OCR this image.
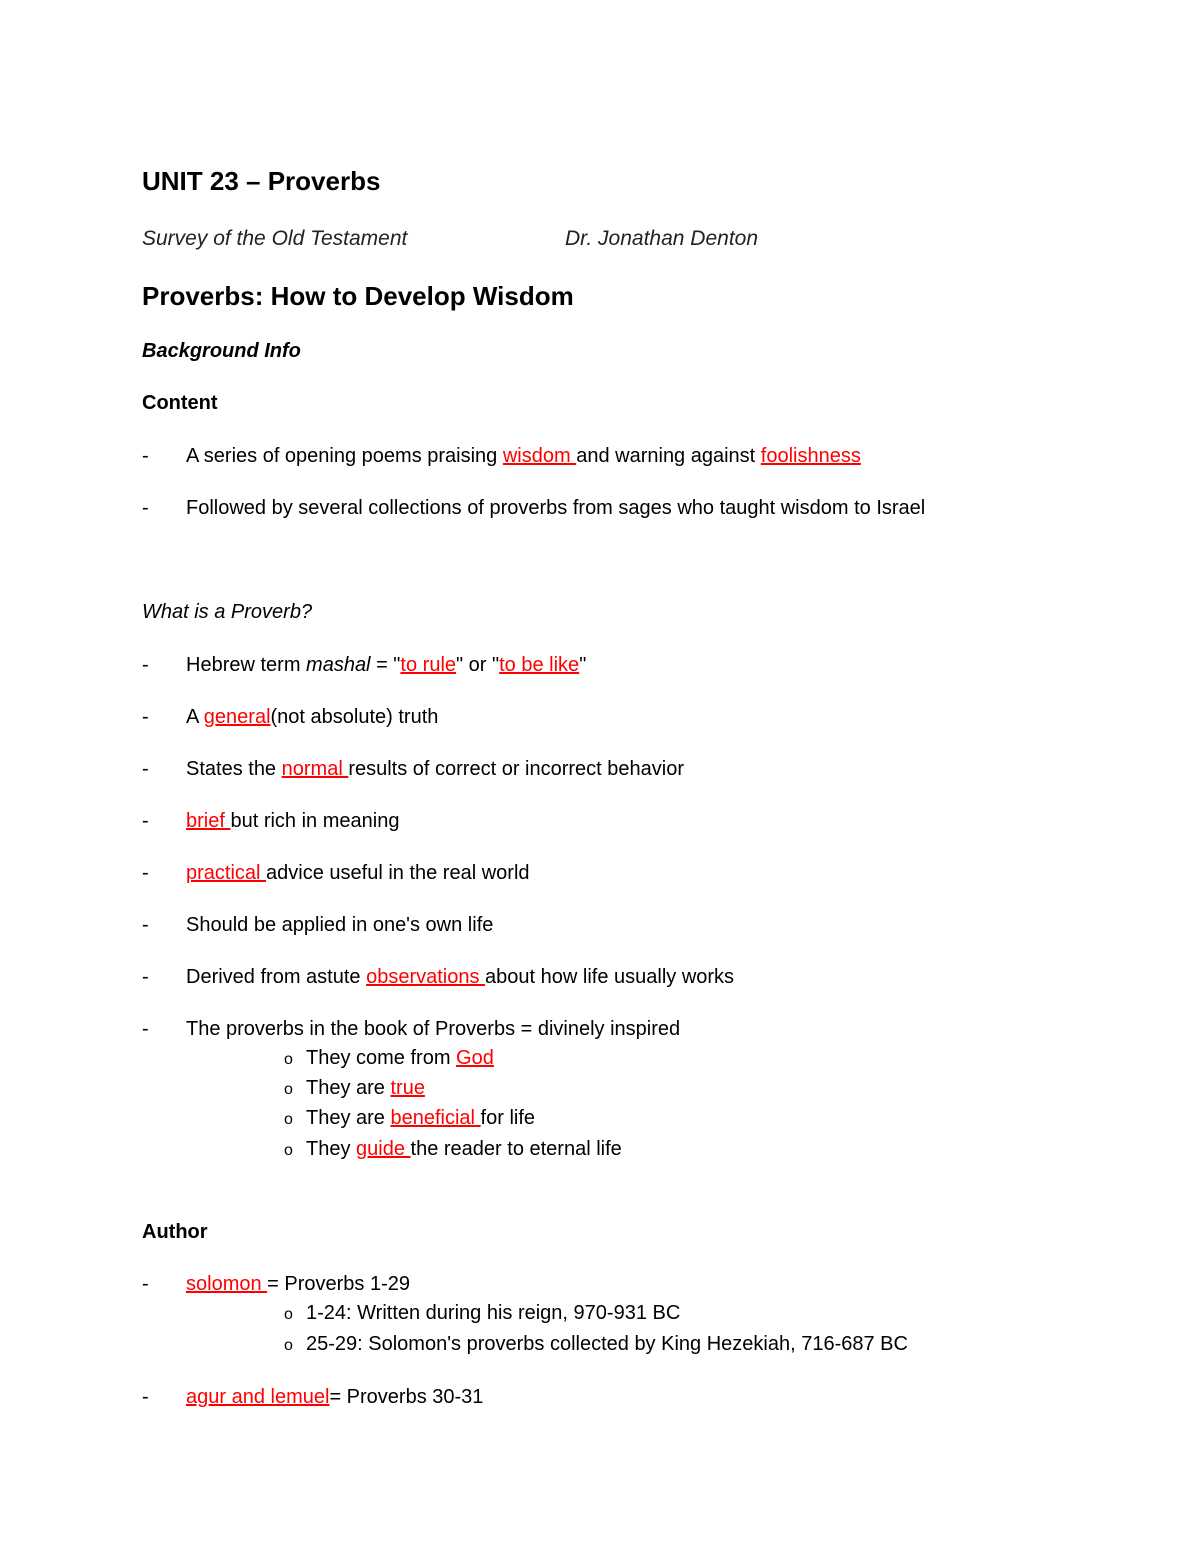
UNIT 23 – Proverbs
Survey of the Old Testament	Dr. Jonathan Denton
Proverbs: How to Develop Wisdom
Background Info
Content
- A series of opening poems praising wisdom and warning against foolishness
- Followed by several collections of proverbs from sages who taught wisdom to Israel
What is a Proverb?
- Hebrew term mashal = "to rule" or "to be like"
- A general(not absolute) truth
- States the normal results of correct or incorrect behavior
- brief but rich in meaning
- practical advice useful in the real world
- Should be applied in one's own life
- Derived from astute observations about how life usually works
- The proverbs in the book of Proverbs = divinely inspired
o They come from God
o They are true
o They are beneficial for life
o They guide the reader to eternal life
Author
- solomon = Proverbs 1-29
o 1-24: Written during his reign, 970-931 BC
o 25-29: Solomon's proverbs collected by King Hezekiah, 716-687 BC
- agur and lemuel= Proverbs 30-31
